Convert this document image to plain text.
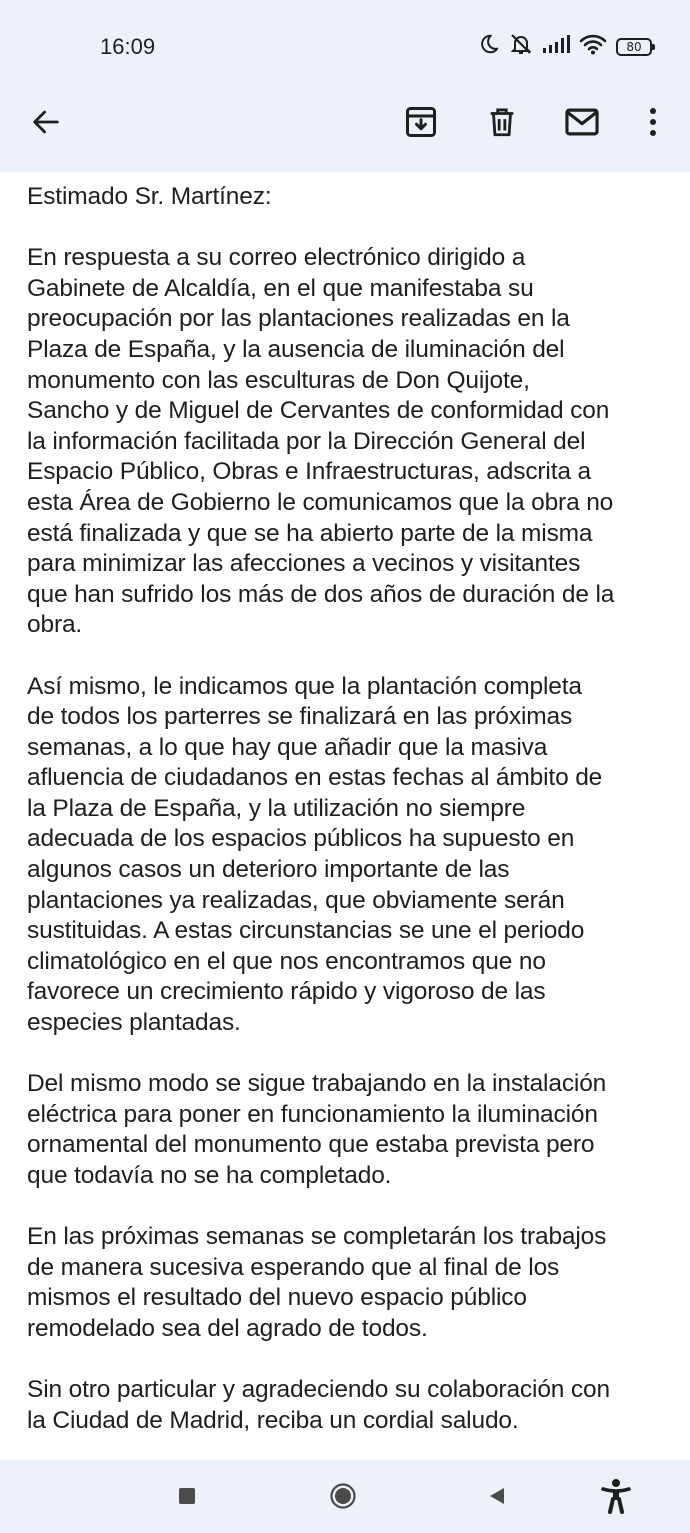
16:09	80

Estimado Sr. Martínez:

En respuesta a su correo electrónico dirigido a
Gabinete de Alcaldía, en el que manifestaba su
preocupación por las plantaciones realizadas en la
Plaza de España, y la ausencia de iluminación del
monumento con las esculturas de Don Quijote,
Sancho y de Miguel de Cervantes de conformidad con
la información facilitada por la Dirección General del
Espacio Público, Obras e Infraestructuras, adscrita a
esta Área de Gobierno le comunicamos que la obra no
está finalizada y que se ha abierto parte de la misma
para minimizar las afecciones a vecinos y visitantes
que han sufrido los más de dos años de duración de la
obra.

Así mismo, le indicamos que la plantación completa
de todos los parterres se finalizará en las próximas
semanas, a lo que hay que añadir que la masiva
afluencia de ciudadanos en estas fechas al ámbito de
la Plaza de España, y la utilización no siempre
adecuada de los espacios públicos ha supuesto en
algunos casos un deterioro importante de las
plantaciones ya realizadas, que obviamente serán
sustituidas. A estas circunstancias se une el periodo
climatológico en el que nos encontramos que no
favorece un crecimiento rápido y vigoroso de las
especies plantadas.

Del mismo modo se sigue trabajando en la instalación
eléctrica para poner en funcionamiento la iluminación
ornamental del monumento que estaba prevista pero
que todavía no se ha completado.

En las próximas semanas se completarán los trabajos
de manera sucesiva esperando que al final de los
mismos el resultado del nuevo espacio público
remodelado sea del agrado de todos.

Sin otro particular y agradeciendo su colaboración con
la Ciudad de Madrid, reciba un cordial saludo.
